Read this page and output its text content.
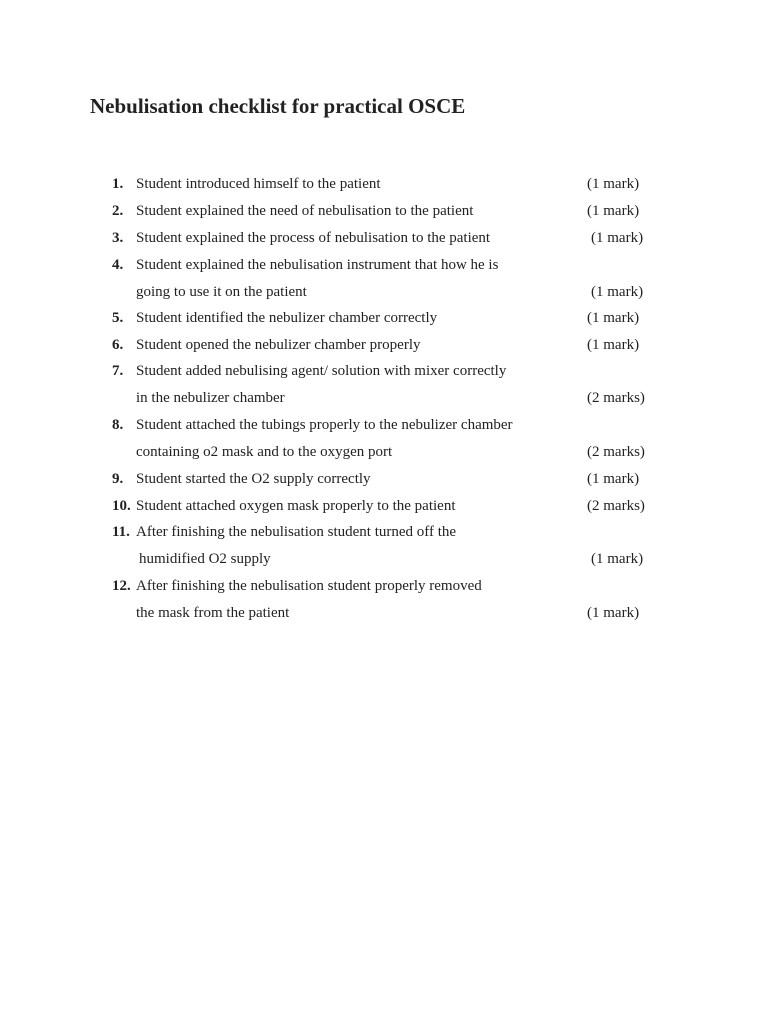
Nebulisation checklist for practical OSCE
1. Student introduced himself to the patient	(1 mark)
2. Student explained the need of nebulisation to the patient	(1 mark)
3. Student explained the process of nebulisation to the patient	(1 mark)
4. Student explained the nebulisation instrument that how he is
going to use it on the patient	(1 mark)
5. Student identified the nebulizer chamber correctly	(1 mark)
6. Student opened the nebulizer chamber properly	(1 mark)
7. Student added nebulising agent/ solution with mixer correctly
in the nebulizer chamber	(2 marks)
8. Student attached the tubings properly to the nebulizer chamber
containing o2 mask and to the oxygen port	(2 marks)
9. Student started the O2 supply correctly	(1 mark)
10. Student attached oxygen mask properly to the patient	(2 marks)
11. After finishing the nebulisation student turned off the
humidified O2 supply	(1 mark)
12. After finishing the nebulisation student properly removed
the mask from the patient	(1 mark)
